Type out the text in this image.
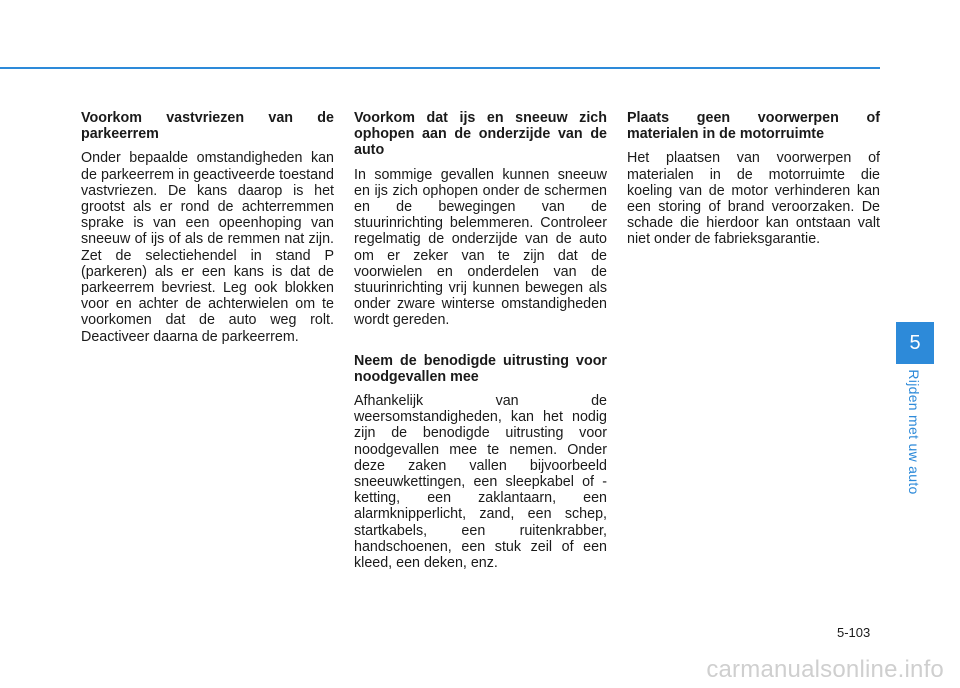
Voorkom vastvriezen van de parkeerrem

Onder bepaalde omstandigheden kan de parkeerrem in geactiveerde toestand vastvriezen. De kans daarop is het grootst als er rond de achterremmen sprake is van een opeenhoping van sneeuw of ijs of als de remmen nat zijn. Zet de selectiehendel in stand P (parkeren) als er een kans is dat de parkeerrem bevriest. Leg ook blokken voor en achter de achterwielen om te voorkomen dat de auto weg rolt. Deactiveer daarna de parkeerrem.

Voorkom dat ijs en sneeuw zich ophopen aan de onderzijde van de auto

In sommige gevallen kunnen sneeuw en ijs zich ophopen onder de schermen en de bewegingen van de stuurinrichting belemmeren. Controleer regelmatig de onderzijde van de auto om er zeker van te zijn dat de voorwielen en onderdelen van de stuurinrichting vrij kunnen bewegen als onder zware winterse omstandigheden wordt gereden.

Neem de benodigde uitrusting voor noodgevallen mee

Afhankelijk van de weersomstandigheden, kan het nodig zijn de benodigde uitrusting voor noodgevallen mee te nemen. Onder deze zaken vallen bijvoorbeeld sneeuwkettingen, een sleepkabel of -ketting, een zaklantaarn, een alarmknipperlicht, zand, een schep, startkabels, een ruitenkrabber, handschoenen, een stuk zeil of een kleed, een deken, enz.

Plaats geen voorwerpen of materialen in de motorruimte

Het plaatsen van voorwerpen of materialen in de motorruimte die koeling van de motor verhinderen kan een storing of brand veroorzaken. De schade die hierdoor kan ontstaan valt niet onder de fabrieksgarantie.

5
Rijden met uw auto
5-103
carmanualsonline.info
